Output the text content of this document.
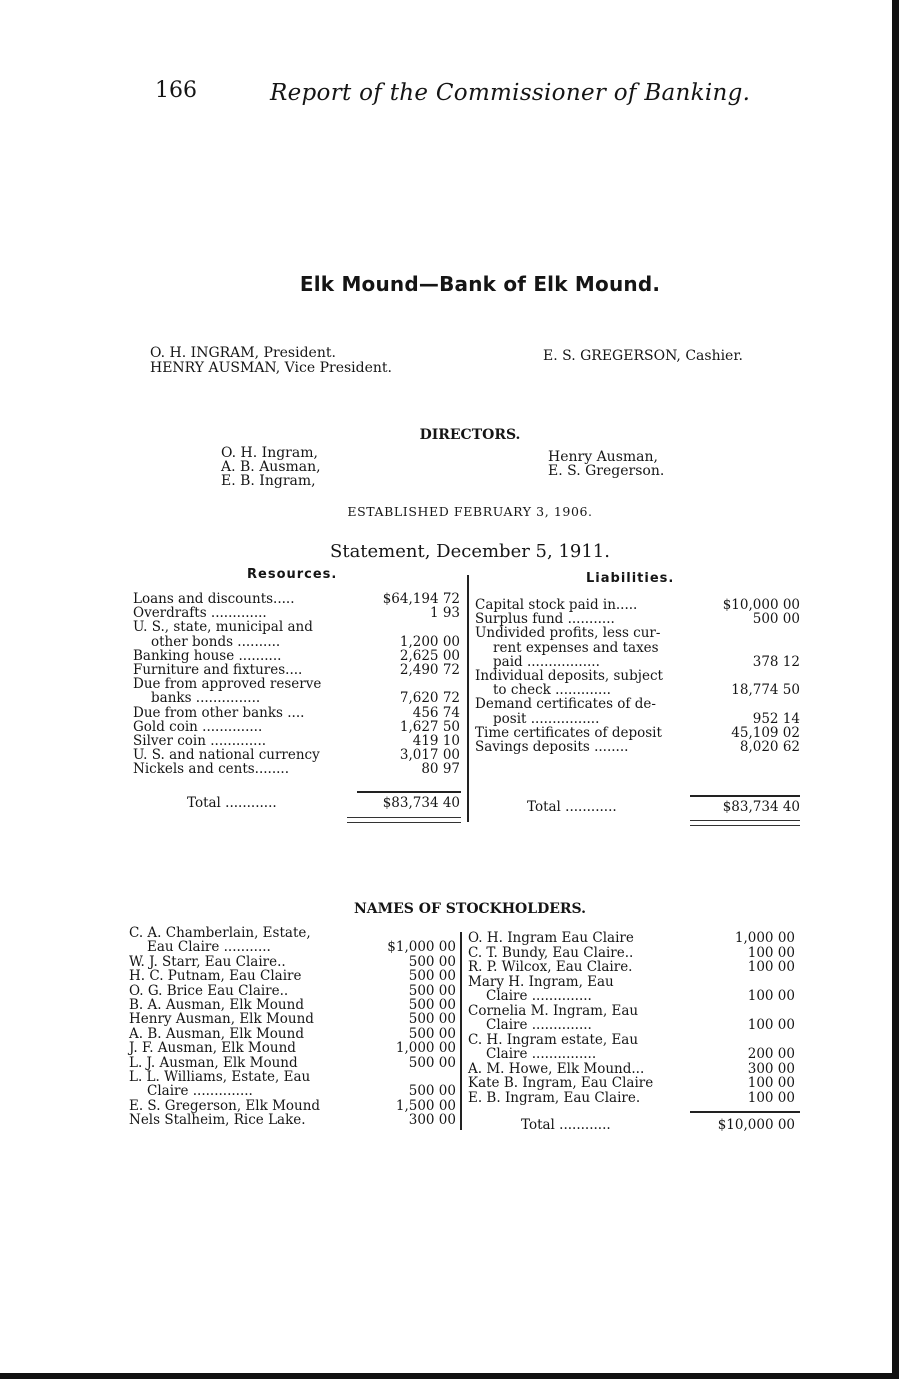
166	Report of the Commissioner of Banking.
Elk Mound—Bank of Elk Mound.
O. H. INGRAM, President.
HENRY AUSMAN, Vice President.
E. S. GREGERSON, Cashier.
DIRECTORS.
O. H. Ingram,
A. B. Ausman,
E. B. Ingram,
Henry Ausman,
E. S. Gregerson.
ESTABLISHED FEBRUARY 3, 1906.
Statement, December 5, 1911.
Resources.	Liabilities.
Loans and discounts.....	$64,194 72
Overdrafts .............	1 93
U. S., state, municipal and
other bonds ..........	1,200 00
Banking house ..........	2,625 00
Furniture and fixtures....	2,490 72
Due from approved reserve
banks ...............	7,620 72
Due from other banks ....	456 74
Gold coin ..............	1,627 50
Silver coin .............	419 10
U. S. and national currency	3,017 00
Nickels and cents........	80 97
Capital stock paid in.....	$10,000 00
Surplus fund ...........	500 00
Undivided profits, less cur-
rent expenses and taxes
paid .................	378 12
Individual deposits, subject
to check .............	18,774 50
Demand certificates of de-
posit ................	952 14
Time certificates of deposit	45,109 02
Savings deposits ........	8,020 62
Total ............	$83,734 40	Total ............	$83,734 40
NAMES OF STOCKHOLDERS.
C. A. Chamberlain, Estate,
Eau Claire ...........	$1,000 00
W. J. Starr, Eau Claire..	500 00
H. C. Putnam, Eau Claire	500 00
O. G. Brice Eau Claire..	500 00
B. A. Ausman, Elk Mound	500 00
Henry Ausman, Elk Mound	500 00
A. B. Ausman, Elk Mound	500 00
J. F. Ausman, Elk Mound	1,000 00
L. J. Ausman, Elk Mound	500 00
L. L. Williams, Estate, Eau
Claire ..............	500 00
E. S. Gregerson, Elk Mound	1,500 00
Nels Stalheim, Rice Lake.	300 00
O. H. Ingram Eau Claire	1,000 00
C. T. Bundy, Eau Claire..	100 00
R. P. Wilcox, Eau Claire.	100 00
Mary H. Ingram, Eau
Claire ..............	100 00
Cornelia M. Ingram, Eau
Claire ..............	100 00
C. H. Ingram estate, Eau
Claire ...............	200 00
A. M. Howe, Elk Mound...	300 00
Kate B. Ingram, Eau Claire	100 00
E. B. Ingram, Eau Claire.	100 00
Total ............	$10,000 00
